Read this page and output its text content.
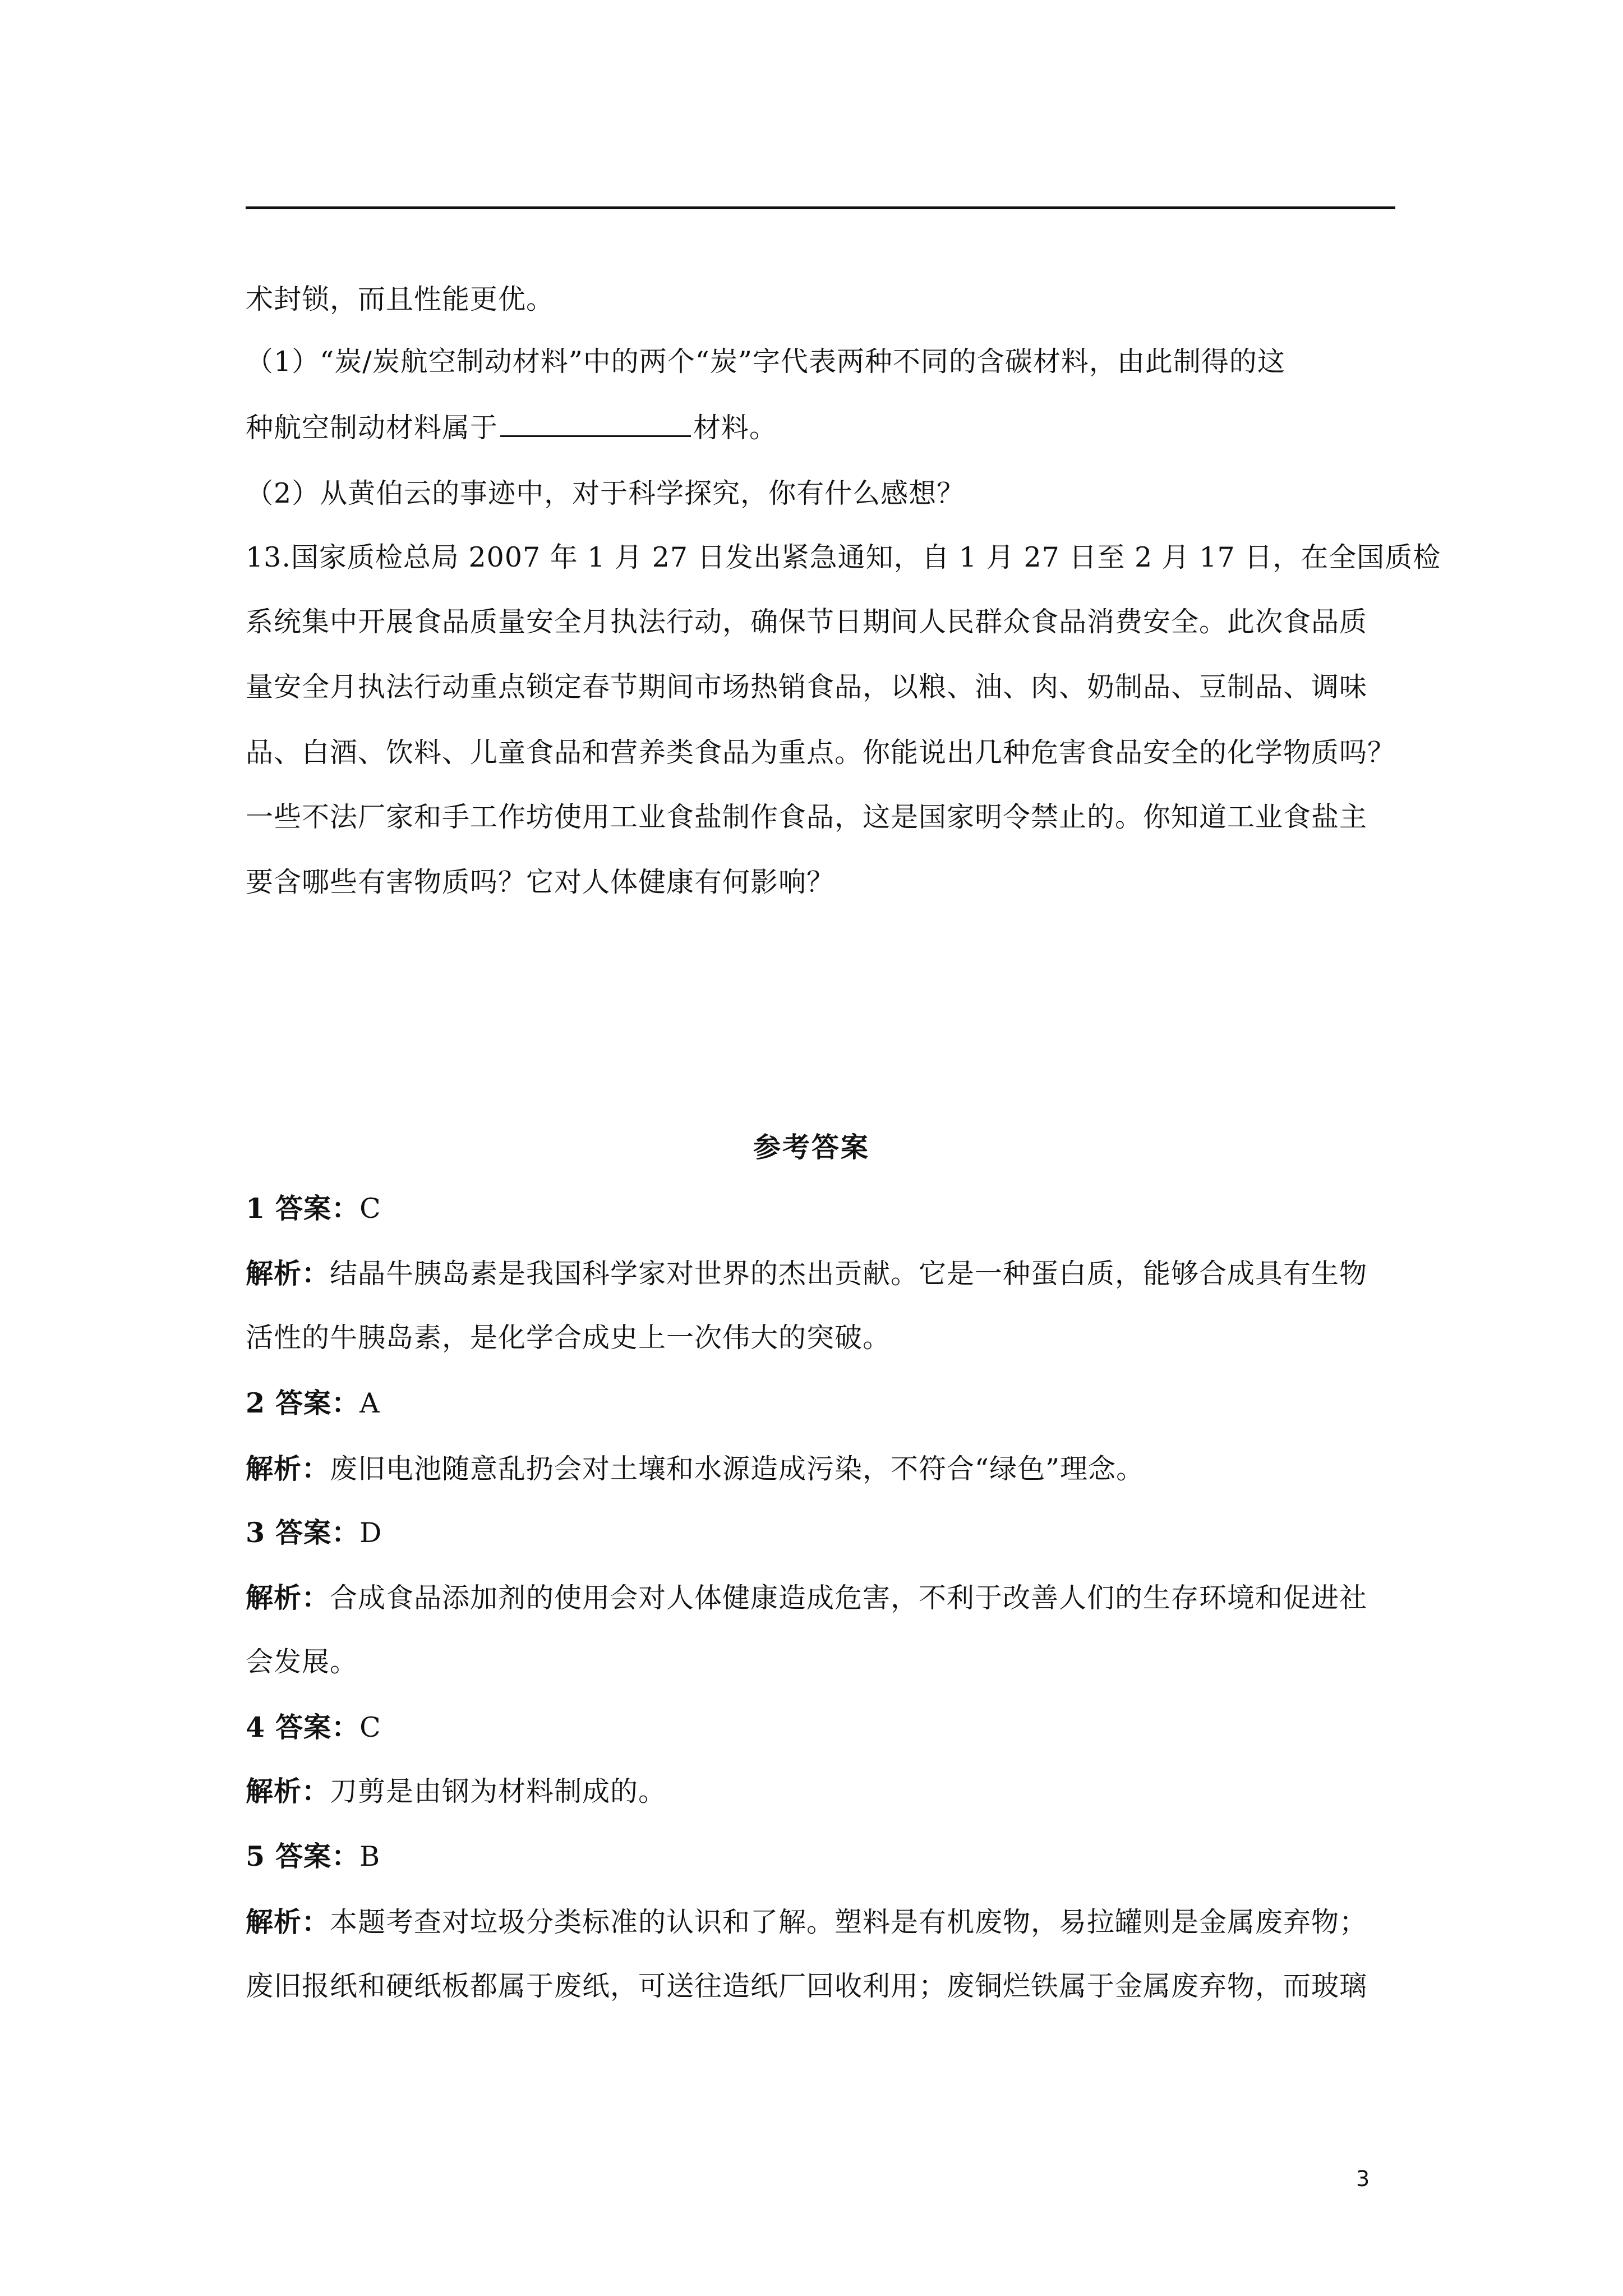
术封锁，而且性能更优。
（1）“炭/炭航空制动材料”中的两个“炭”字代表两种不同的含碳材料，由此制得的这
种航空制动材料属于	材料。
（2）从黄伯云的事迹中，对于科学探究，你有什么感想？
13.国家质检总局 2007 年 1 月 27 日发出紧急通知，自 1 月 27 日至 2 月 17 日，在全国质检
系统集中开展食品质量安全月执法行动，确保节日期间人民群众食品消费安全。此次食品质
量安全月执法行动重点锁定春节期间市场热销食品，以粮、油、肉、奶制品、豆制品、调味
品、白酒、饮料、儿童食品和营养类食品为重点。你能说出几种危害食品安全的化学物质吗？
一些不法厂家和手工作坊使用工业食盐制作食品，这是国家明令禁止的。你知道工业食盐主
要含哪些有害物质吗？它对人体健康有何影响？
参考答案
1 答案：C
解析：结晶牛胰岛素是我国科学家对世界的杰出贡献。它是一种蛋白质，能够合成具有生物
活性的牛胰岛素，是化学合成史上一次伟大的突破。
2 答案：A
解析：废旧电池随意乱扔会对土壤和水源造成污染，不符合“绿色”理念。
3 答案：D
解析：合成食品添加剂的使用会对人体健康造成危害，不利于改善人们的生存环境和促进社
会发展。
4 答案：C
解析：刀剪是由钢为材料制成的。
5 答案：B
解析：本题考查对垃圾分类标准的认识和了解。塑料是有机废物，易拉罐则是金属废弃物；
废旧报纸和硬纸板都属于废纸，可送往造纸厂回收利用；废铜烂铁属于金属废弃物，而玻璃
3
